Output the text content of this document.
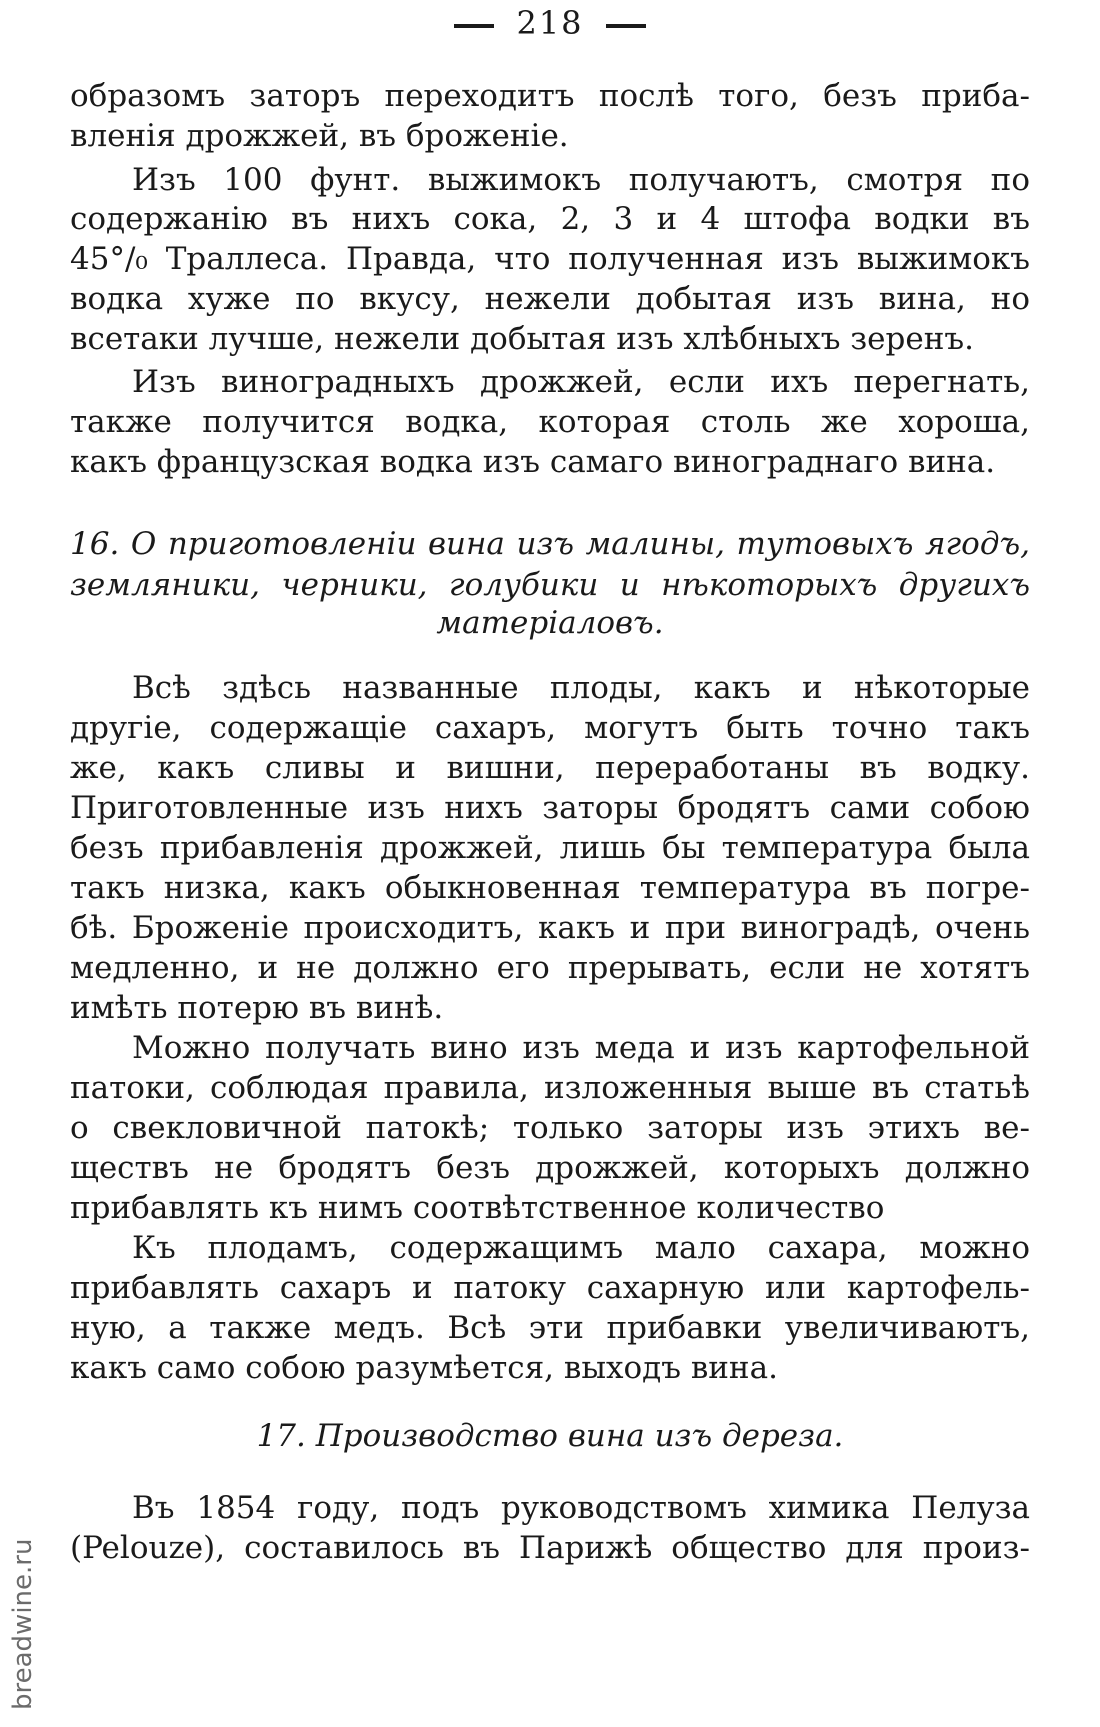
218
образомъ заторъ переходитъ послѣ того, безъ приба-
вленія дрожжей, въ броженіе.
Изъ 100 фунт. выжимокъ получаютъ, смотря по
содержанію въ нихъ сока, 2, 3 и 4 штофа водки въ
45°/₀ Траллеса. Правда, что полученная изъ выжимокъ
водка хуже по вкусу, нежели добытая изъ вина, но
всетаки лучше, нежели добытая изъ хлѣбныхъ зеренъ.
Изъ виноградныхъ дрожжей, если ихъ перегнать,
также получится водка, которая столь же хороша,
какъ французская водка изъ самаго винограднаго вина.
16. О приготовленіи вина изъ малины, тутовыхъ ягодъ,
земляники, черники, голубики и нѣкоторыхъ другихъ
матеріаловъ.
Всѣ здѣсь названные плоды, какъ и нѣкоторые
другіе, содержащіе сахаръ, могутъ быть точно такъ
же, какъ сливы и вишни, переработаны въ водку.
Приготовленные изъ нихъ заторы бродятъ сами собою
безъ прибавленія дрожжей, лишь бы температура была
такъ низка, какъ обыкновенная температура въ погре-
бѣ. Броженіе происходитъ, какъ и при виноградѣ, очень
медленно, и не должно его прерывать, если не хотятъ
имѣть потерю въ винѣ.
Можно получать вино изъ меда и изъ картофельной
патоки, соблюдая правила, изложенныя выше въ статьѣ
о свекловичной патокѣ; только заторы изъ этихъ ве-
ществъ не бродятъ безъ дрожжей, которыхъ должно
прибавлять къ нимъ соотвѣтственное количество
Къ плодамъ, содержащимъ мало сахара, можно
прибавлять сахаръ и патоку сахарную или картофель-
ную, а также медъ. Всѣ эти прибавки увеличиваютъ,
какъ само собою разумѣется, выходъ вина.
17. Производство вина изъ дереза.
Въ 1854 году, подъ руководствомъ химика Пелуза
(Pelouze), составилось въ Парижѣ общество для произ-
breadwine.ru
